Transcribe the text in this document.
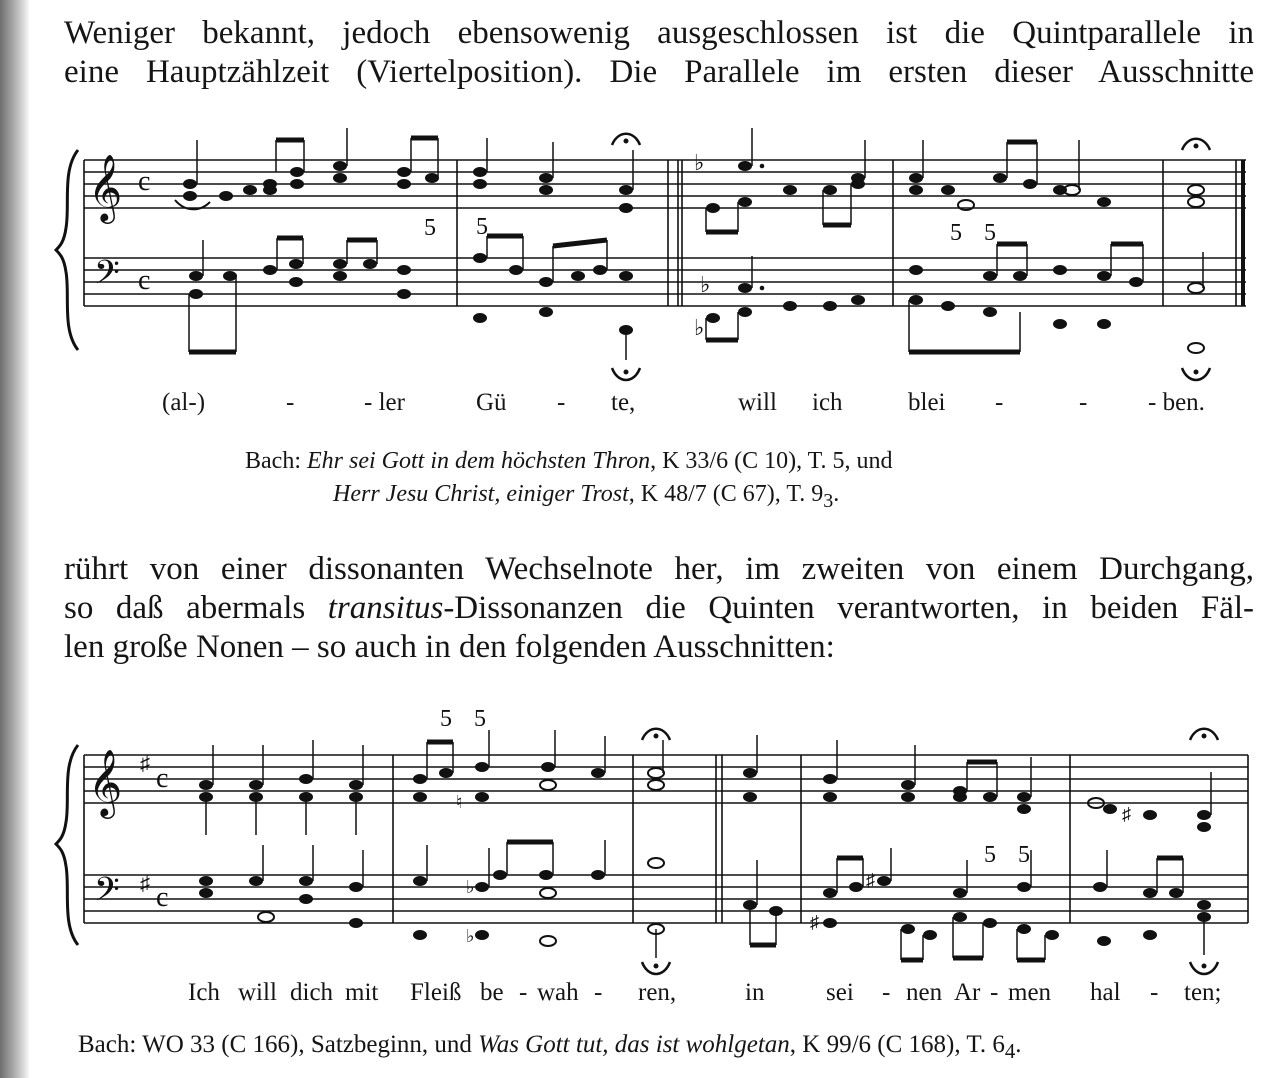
Weniger bekannt, jedoch ebensowenig ausgeschlossen ist die Quintparallele in
eine Hauptzählzeit (Viertelposition). Die Parallele im ersten dieser Ausschnitte

𝄞
𝄢
c
c
♭
♭
♭
5 5	5 5
(al-)	-	- ler	Gü - te,	will ich	blei -	- - ben.
𝄞
𝄢
♯
♯
c
c
♮
♯
♭
♭
♯
♯
5 5
5 5
Ich will dich mit Fleiß be - wah - ren,	in sei - nen Ar - men hal - ten;
Bach: Ehr sei Gott in dem höchsten Thron, K 33/6 (C 10), T. 5, und
Herr Jesu Christ, einiger Trost, K 48/7 (C 67), T. $9_3$.

rührt von einer dissonanten Wechselnote her, im zweiten von einem Durchgang,
so daß abermals transitus-Dissonanzen die Quinten verantworten, in beiden Fäl-
len große Nonen – so auch in den folgenden Ausschnitten:

Bach: WO 33 (C 166), Satzbeginn, und Was Gott tut, das ist wohlgetan, K 99/6 (C 168), T. $6_4$.
